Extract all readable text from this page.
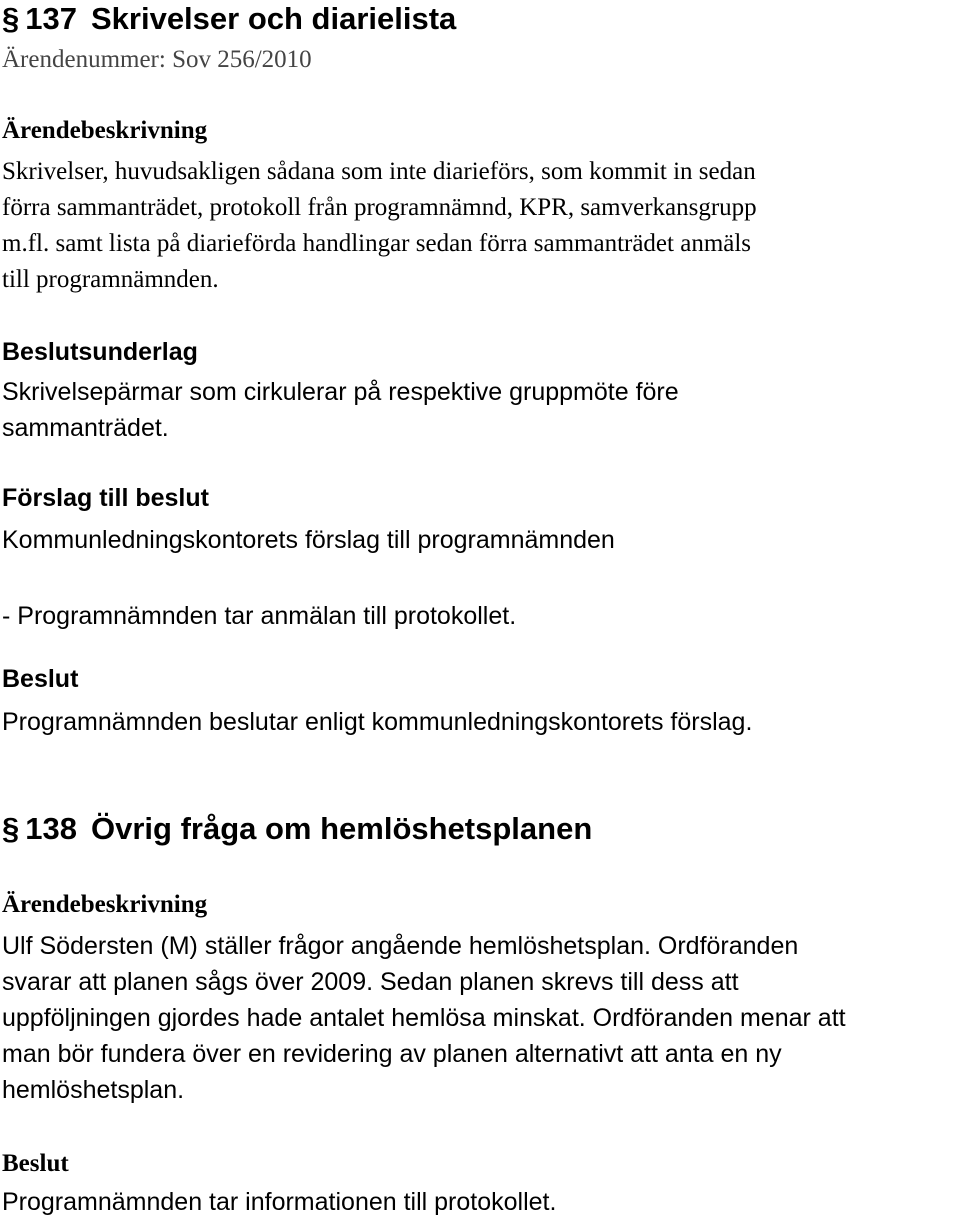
§ 137 Skrivelser och diarielista
Ärendenummer: Sov 256/2010
Ärendebeskrivning
Skrivelser, huvudsakligen sådana som inte diarieförs, som kommit in sedan
förra sammanträdet, protokoll från programnämnd, KPR, samverkansgrupp
m.fl. samt lista på diarieförda handlingar sedan förra sammanträdet anmäls
till programnämnden.
Beslutsunderlag
Skrivelsepärmar som cirkulerar på respektive gruppmöte före
sammanträdet.
Förslag till beslut
Kommunledningskontorets förslag till programnämnden
- Programnämnden tar anmälan till protokollet.
Beslut
Programnämnden beslutar enligt kommunledningskontorets förslag.
§ 138 Övrig fråga om hemlöshetsplanen
Ärendebeskrivning
Ulf Södersten (M) ställer frågor angående hemlöshetsplan. Ordföranden
svarar att planen sågs över 2009. Sedan planen skrevs till dess att
uppföljningen gjordes hade antalet hemlösa minskat. Ordföranden menar att
man bör fundera över en revidering av planen alternativt att anta en ny
hemlöshetsplan.
Beslut
Programnämnden tar informationen till protokollet.
